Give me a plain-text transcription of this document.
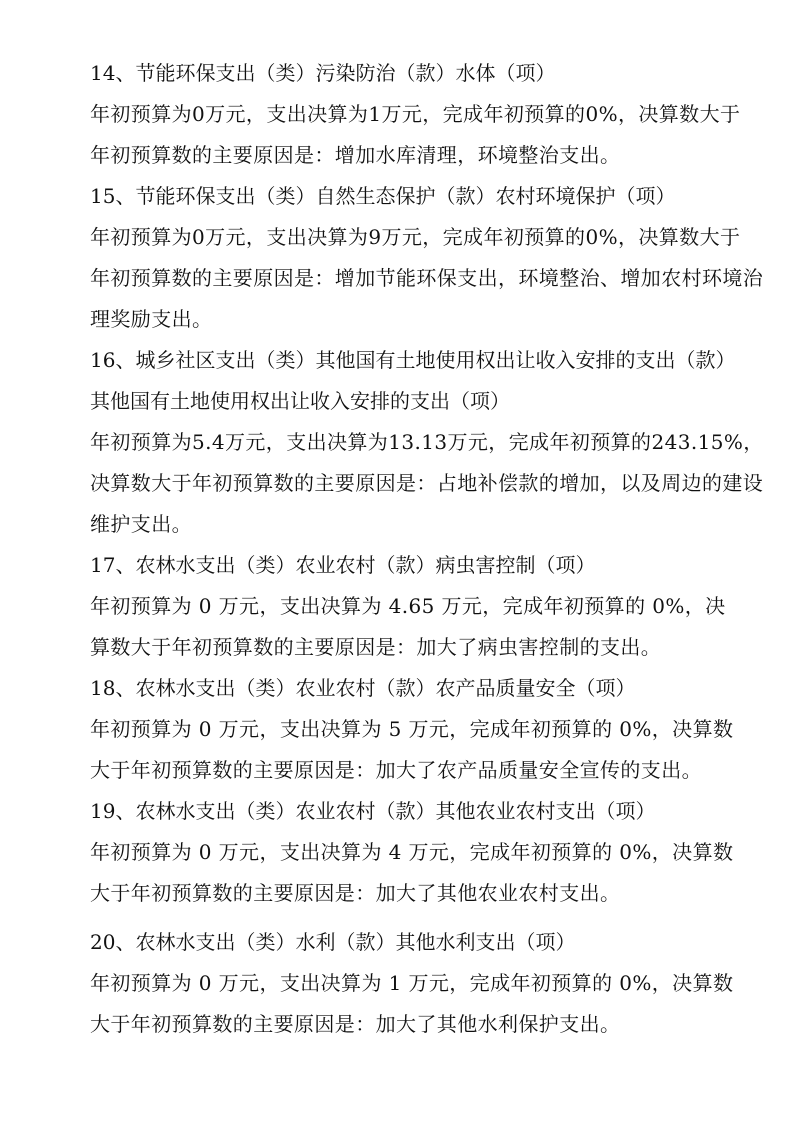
14、节能环保支出（类）污染防治（款）水体（项）

年初预算为0万元，支出决算为1万元，完成年初预算的0%，决算数大于
年初预算数的主要原因是：增加水库清理，环境整治支出。

15、节能环保支出（类）自然生态保护（款）农村环境保护（项）

年初预算为0万元，支出决算为9万元，完成年初预算的0%，决算数大于
年初预算数的主要原因是：增加节能环保支出，环境整治、增加农村环境治
理奖励支出。

16、城乡社区支出（类）其他国有土地使用权出让收入安排的支出（款）

其他国有土地使用权出让收入安排的支出（项）

年初预算为5.4万元，支出决算为13.13万元，完成年初预算的243.15%，
决算数大于年初预算数的主要原因是：占地补偿款的增加，以及周边的建设
维护支出。

17、农林水支出（类）农业农村（款）病虫害控制（项）

年初预算为 0 万元，支出决算为 4.65 万元，完成年初预算的 0%，决
算数大于年初预算数的主要原因是：加大了病虫害控制的支出。

18、农林水支出（类）农业农村（款）农产品质量安全（项）

年初预算为 0 万元，支出决算为 5 万元，完成年初预算的 0%，决算数
大于年初预算数的主要原因是：加大了农产品质量安全宣传的支出。

19、农林水支出（类）农业农村（款）其他农业农村支出（项）

年初预算为 0 万元，支出决算为 4 万元，完成年初预算的 0%，决算数
大于年初预算数的主要原因是：加大了其他农业农村支出。

20、农林水支出（类）水利（款）其他水利支出（项）

年初预算为 0 万元，支出决算为 1 万元，完成年初预算的 0%，决算数
大于年初预算数的主要原因是：加大了其他水利保护支出。
